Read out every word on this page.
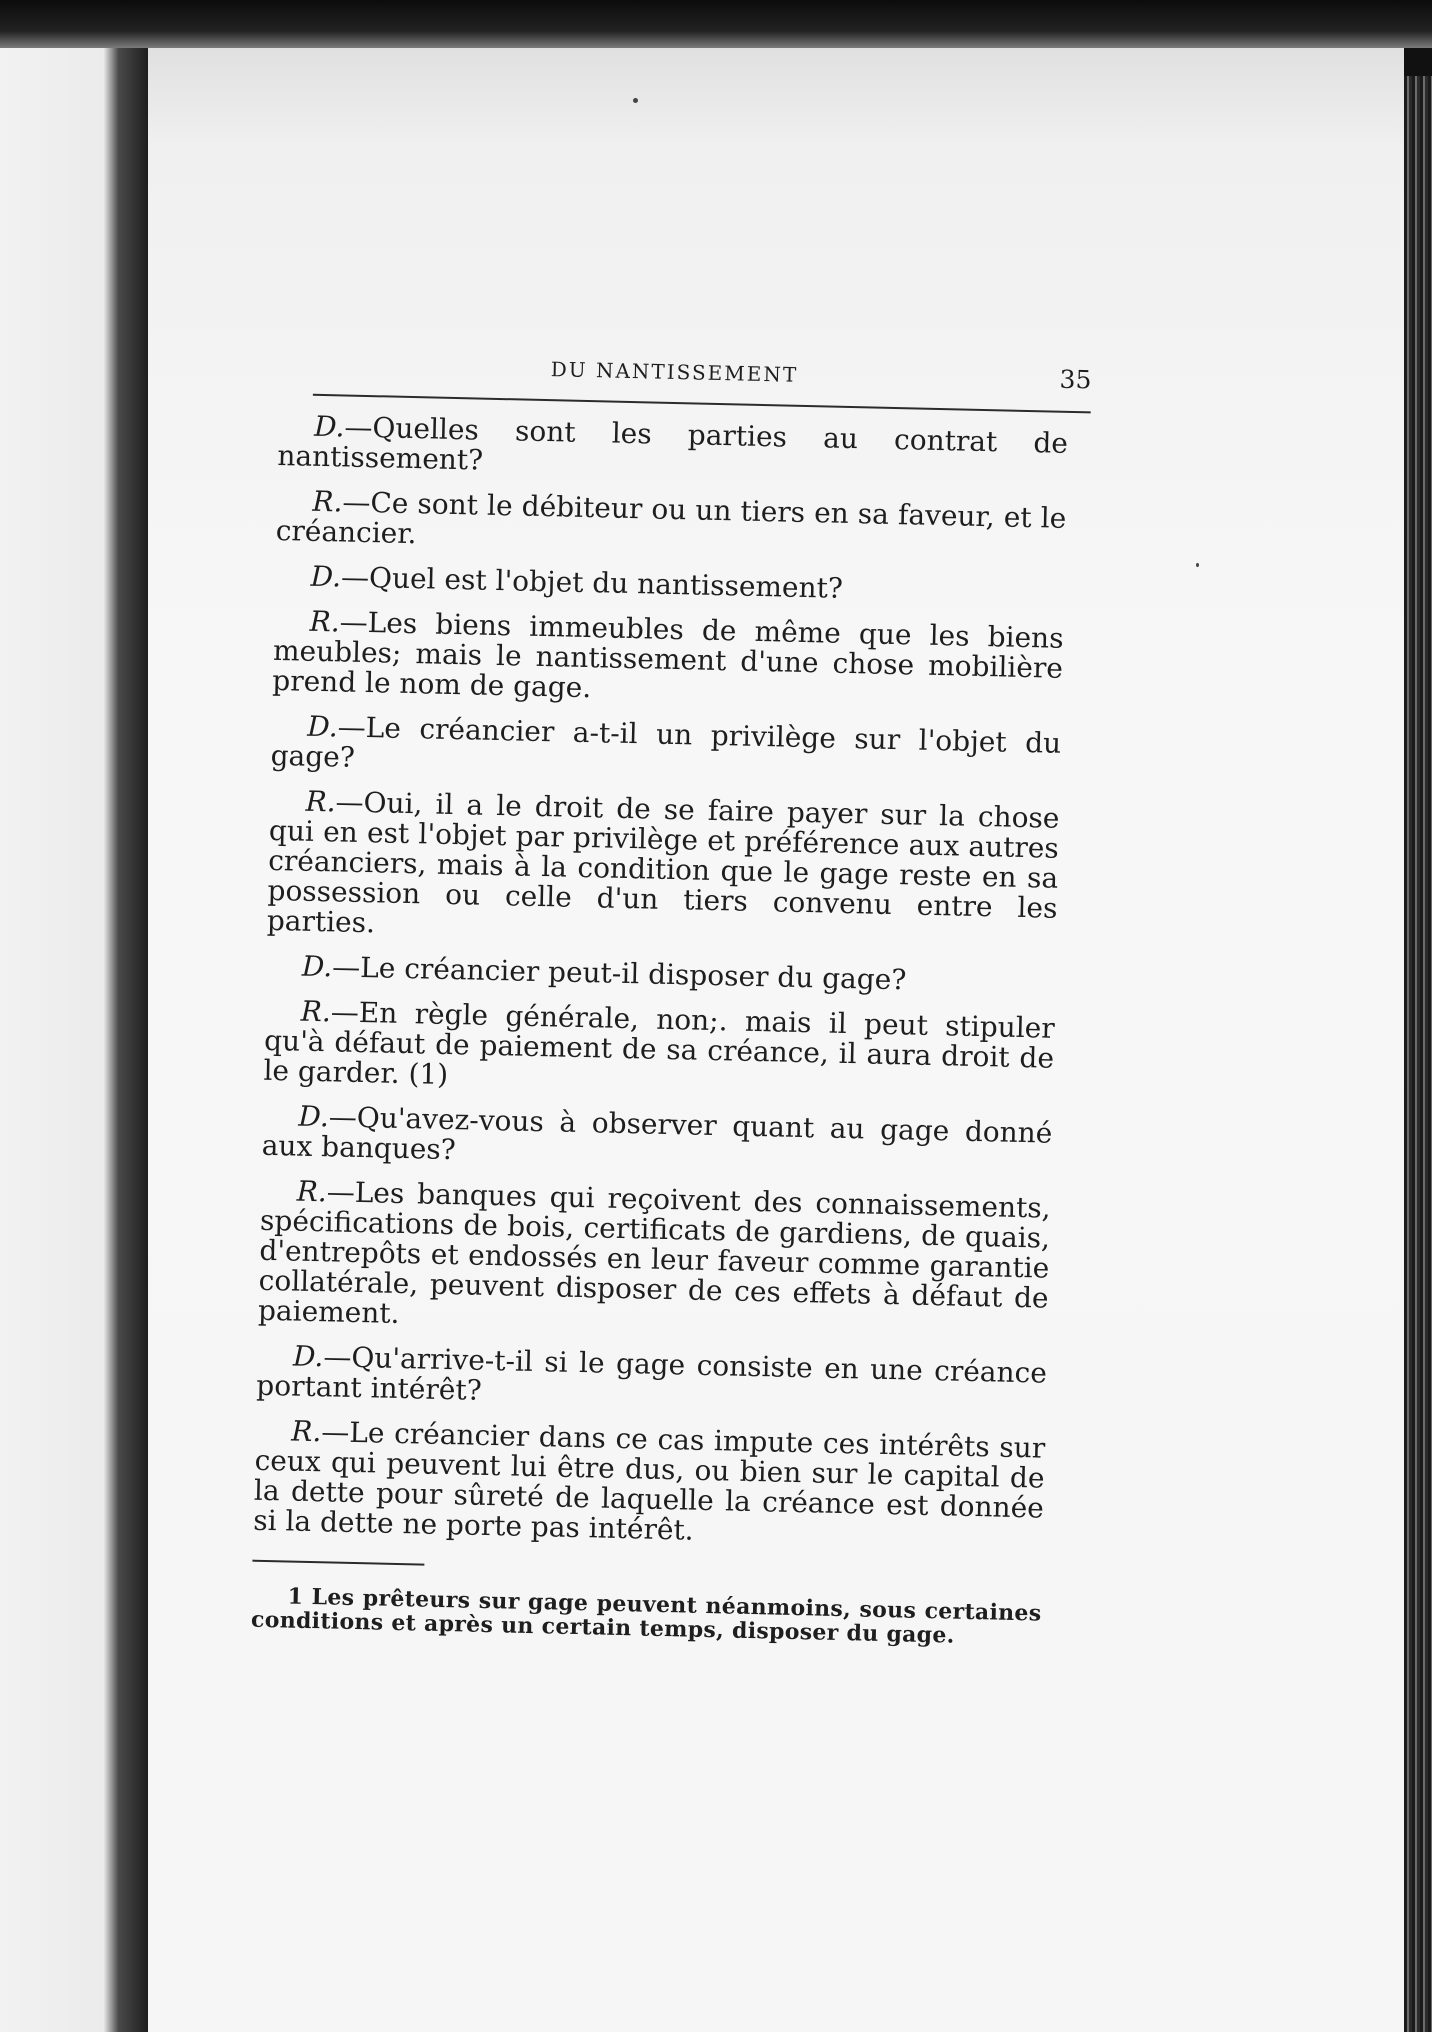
DU NANTISSEMENT	35

D.—Quelles sont les parties au contrat de nantissement?

R.—Ce sont le débiteur ou un tiers en sa faveur, et le créancier.

D.—Quel est l'objet du nantissement?

R.—Les biens immeubles de même que les biens meubles; mais le nantissement d'une chose mobilière prend le nom de gage.

D.—Le créancier a-t-il un privilège sur l'objet du gage?

R.—Oui, il a le droit de se faire payer sur la chose qui en est l'objet par privilège et préférence aux autres créanciers, mais à la condition que le gage reste en sa possession ou celle d'un tiers convenu entre les parties.

D.—Le créancier peut-il disposer du gage?

R.—En règle générale, non;. mais il peut stipuler qu'à défaut de paiement de sa créance, il aura droit de le garder. (1)

D.—Qu'avez-vous à observer quant au gage donné aux banques?

R.—Les banques qui reçoivent des connaissements, spécifications de bois, certificats de gardiens, de quais, d'entrepôts et endossés en leur faveur comme garantie collatérale, peuvent disposer de ces effets à défaut de paiement.

D.—Qu'arrive-t-il si le gage consiste en une créance portant intérêt?

R.—Le créancier dans ce cas impute ces intérêts sur ceux qui peuvent lui être dus, ou bien sur le capital de la dette pour sûreté de laquelle la créance est donnée si la dette ne porte pas intérêt.

1 Les prêteurs sur gage peuvent néanmoins, sous certaines conditions et après un certain temps, disposer du gage.
